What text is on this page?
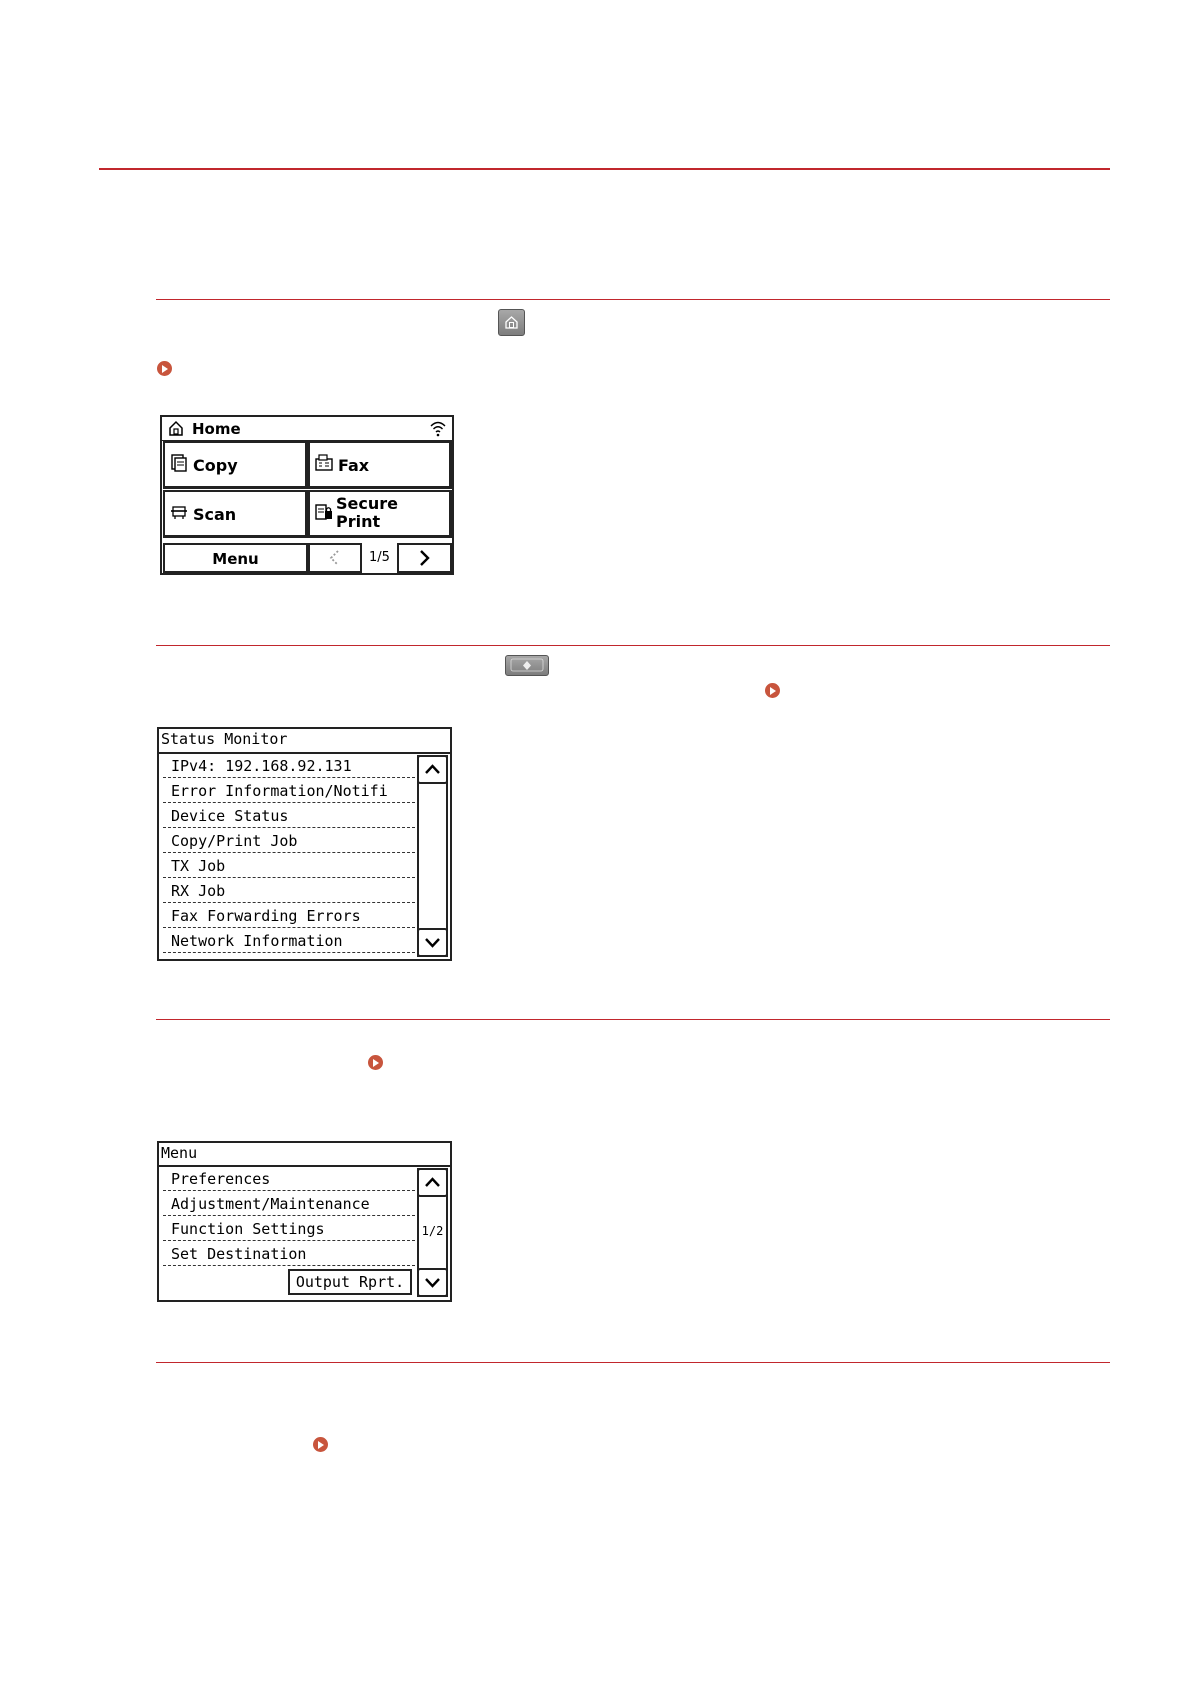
Home
Copy	Fax
Scan
Secure
Print
Menu	1/5
Status Monitor
IPv4: 192.168.92.131
Error Information/Notifi
Device Status
Copy/Print Job
TX Job
RX Job
Fax Forwarding Errors
Network Information
Menu
Preferences
Adjustment/Maintenance
Function Settings
Set Destination
Output Rprt.
1/2
